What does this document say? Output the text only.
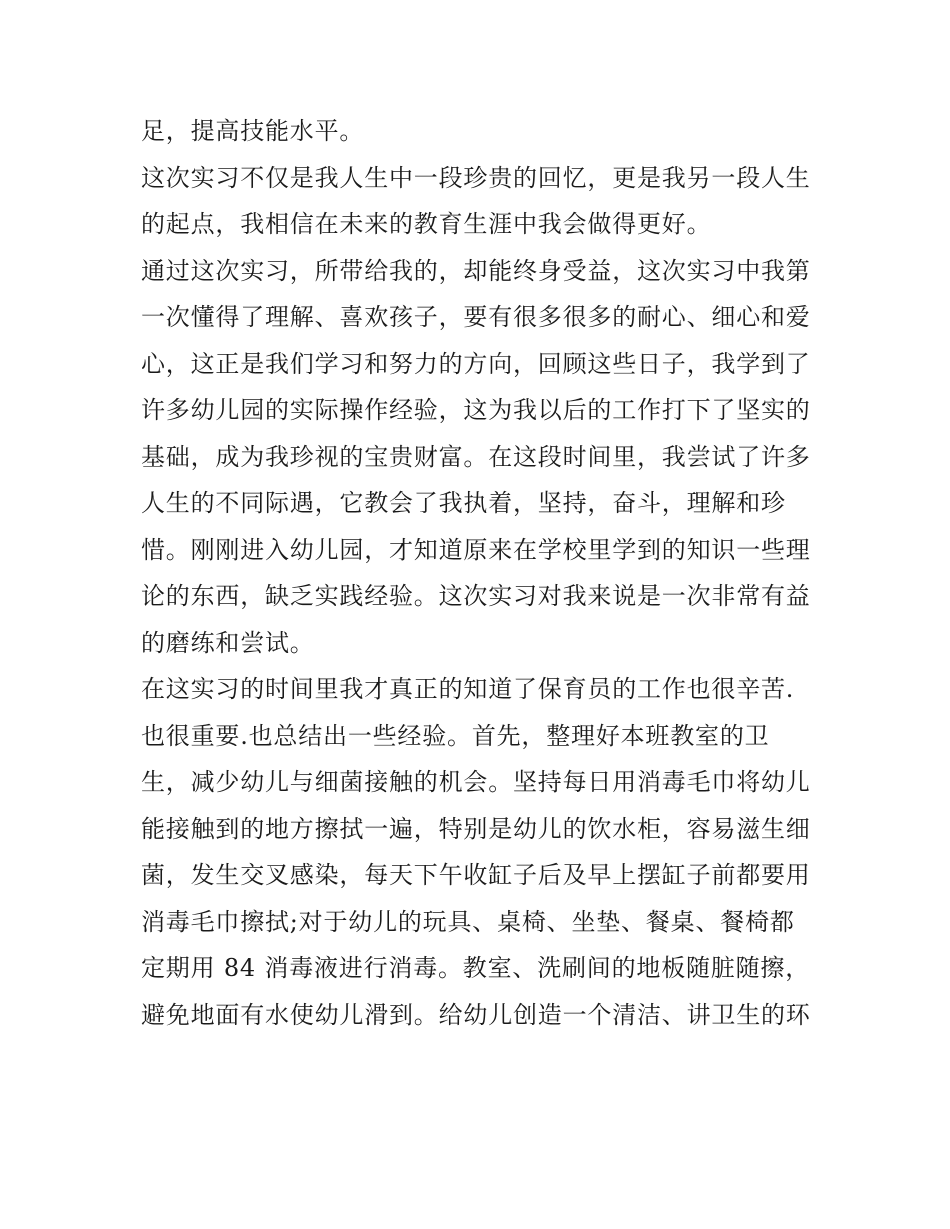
足，提高技能水平。
这次实习不仅是我人生中一段珍贵的回忆，更是我另一段人生
的起点，我相信在未来的教育生涯中我会做得更好。
通过这次实习，所带给我的，却能终身受益，这次实习中我第
一次懂得了理解、喜欢孩子，要有很多很多的耐心、细心和爱
心，这正是我们学习和努力的方向，回顾这些日子，我学到了
许多幼儿园的实际操作经验，这为我以后的工作打下了坚实的
基础，成为我珍视的宝贵财富。在这段时间里，我尝试了许多
人生的不同际遇，它教会了我执着，坚持，奋斗，理解和珍
惜。刚刚进入幼儿园，才知道原来在学校里学到的知识一些理
论的东西，缺乏实践经验。这次实习对我来说是一次非常有益
的磨练和尝试。
在这实习的时间里我才真正的知道了保育员的工作也很辛苦.
也很重要.也总结出一些经验。首先，整理好本班教室的卫
生，减少幼儿与细菌接触的机会。坚持每日用消毒毛巾将幼儿
能接触到的地方擦拭一遍，特别是幼儿的饮水柜，容易滋生细
菌，发生交叉感染，每天下午收缸子后及早上摆缸子前都要用
消毒毛巾擦拭;对于幼儿的玩具、桌椅、坐垫、餐桌、餐椅都
定期用 84 消毒液进行消毒。教室、洗刷间的地板随脏随擦，
避免地面有水使幼儿滑到。给幼儿创造一个清洁、讲卫生的环
